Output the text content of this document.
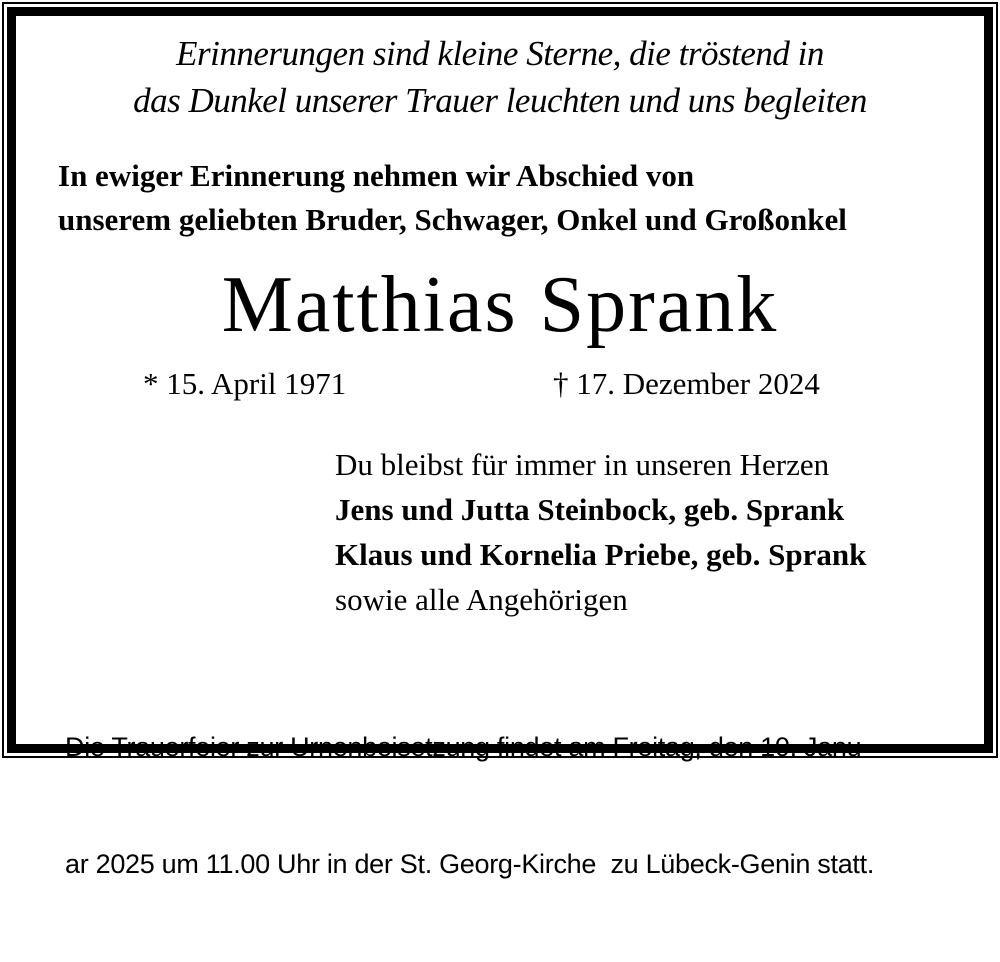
Erinnerungen sind kleine Sterne, die tröstend in
das Dunkel unserer Trauer leuchten und uns begleiten
In ewiger Erinnerung nehmen wir Abschied von
unserem geliebten Bruder, Schwager, Onkel und Großonkel
Matthias Sprank
* 15. April 1971	† 17. Dezember 2024
Du bleibst für immer in unseren Herzen
Jens und Jutta Steinbock, geb. Sprank
Klaus und Kornelia Priebe, geb. Sprank
sowie alle Angehörigen

Die Trauerfeier zur Urnenbeisetzung findet am Freitag, den 10. Janu-

ar 2025 um 11.00 Uhr in der St. Georg-Kirche  zu Lübeck-Genin statt.
